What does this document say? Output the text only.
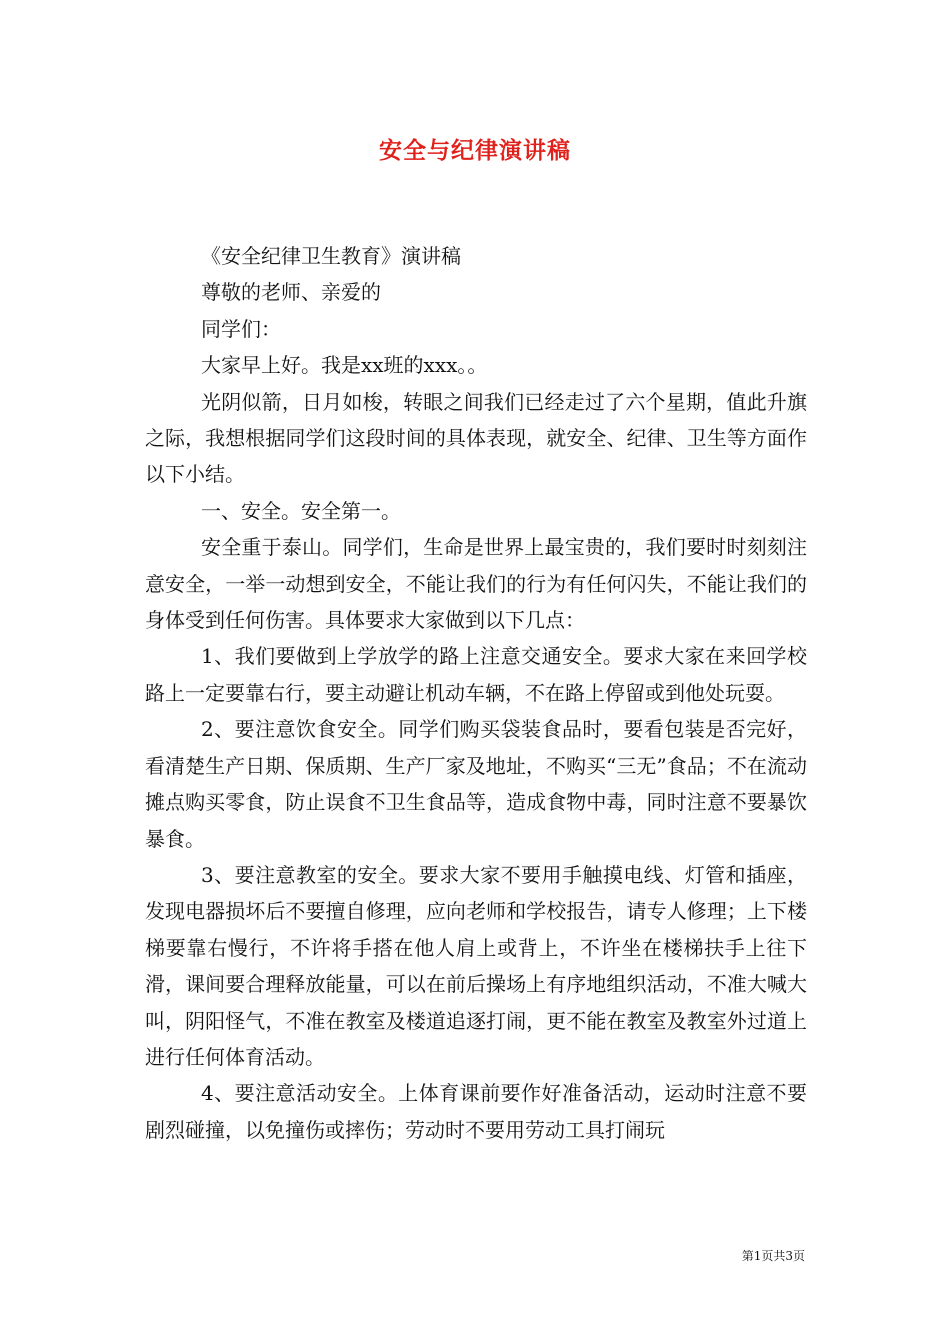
安全与纪律演讲稿

《安全纪律卫生教育》演讲稿

尊敬的老师、亲爱的

同学们：

大家早上好。我是xx班的xxx。。

光阴似箭，日月如梭，转眼之间我们已经走过了六个星期，值此升旗之际，我想根据同学们这段时间的具体表现，就安全、纪律、卫生等方面作以下小结。

一、安全。安全第一。

安全重于泰山。同学们，生命是世界上最宝贵的，我们要时时刻刻注意安全，一举一动想到安全，不能让我们的行为有任何闪失，不能让我们的身体受到任何伤害。具体要求大家做到以下几点：

1、我们要做到上学放学的路上注意交通安全。要求大家在来回学校路上一定要靠右行，要主动避让机动车辆，不在路上停留或到他处玩耍。

2、要注意饮食安全。同学们购买袋装食品时，要看包装是否完好，看清楚生产日期、保质期、生产厂家及地址，不购买“三无”食品；不在流动摊点购买零食，防止误食不卫生食品等，造成食物中毒，同时注意不要暴饮暴食。

3、要注意教室的安全。要求大家不要用手触摸电线、灯管和插座，发现电器损坏后不要擅自修理，应向老师和学校报告，请专人修理；上下楼梯要靠右慢行，不许将手搭在他人肩上或背上，不许坐在楼梯扶手上往下滑，课间要合理释放能量，可以在前后操场上有序地组织活动，不准大喊大叫，阴阳怪气，不准在教室及楼道追逐打闹，更不能在教室及教室外过道上进行任何体育活动。

4、要注意活动安全。上体育课前要作好准备活动，运动时注意不要剧烈碰撞，以免撞伤或摔伤；劳动时不要用劳动工具打闹玩

第1页共3页
